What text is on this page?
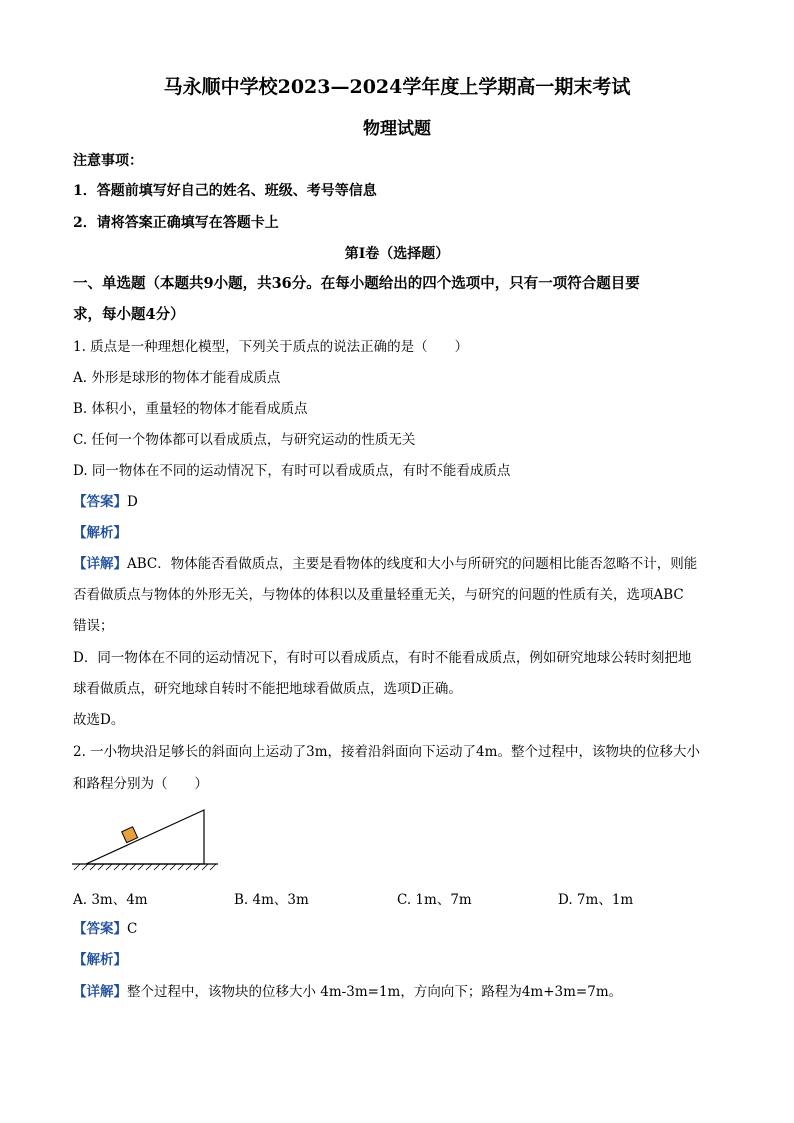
马永顺中学校2023—2024学年度上学期高一期末考试
物理试题
注意事项：
1．答题前填写好自己的姓名、班级、考号等信息
2．请将答案正确填写在答题卡上
第Ⅰ卷（选择题）
一、单选题（本题共9小题，共36分。在每小题给出的四个选项中，只有一项符合题目要
求，每小题4分）
1. 质点是一种理想化模型，下列关于质点的说法正确的是（　　）
A. 外形是球形的物体才能看成质点
B. 体积小，重量轻的物体才能看成质点
C. 任何一个物体都可以看成质点，与研究运动的性质无关
D. 同一物体在不同的运动情况下，有时可以看成质点，有时不能看成质点
【答案】D
【解析】
【详解】ABC．物体能否看做质点，主要是看物体的线度和大小与所研究的问题相比能否忽略不计，则能
否看做质点与物体的外形无关，与物体的体积以及重量轻重无关，与研究的问题的性质有关，选项ABC
错误；
D．同一物体在不同的运动情况下，有时可以看成质点，有时不能看成质点，例如研究地球公转时刻把地
球看做质点，研究地球自转时不能把地球看做质点，选项D正确。
故选D。
2. 一小物块沿足够长的斜面向上运动了3m，接着沿斜面向下运动了4m。整个过程中，该物块的位移大小
和路程分别为（　　）
A. 3m、4m	B. 4m、3m	C. 1m、7m	D. 7m、1m
【答案】C
【解析】
【详解】整个过程中，该物块的位移大小 4m-3m=1m，方向向下；路程为4m+3m=7m。
